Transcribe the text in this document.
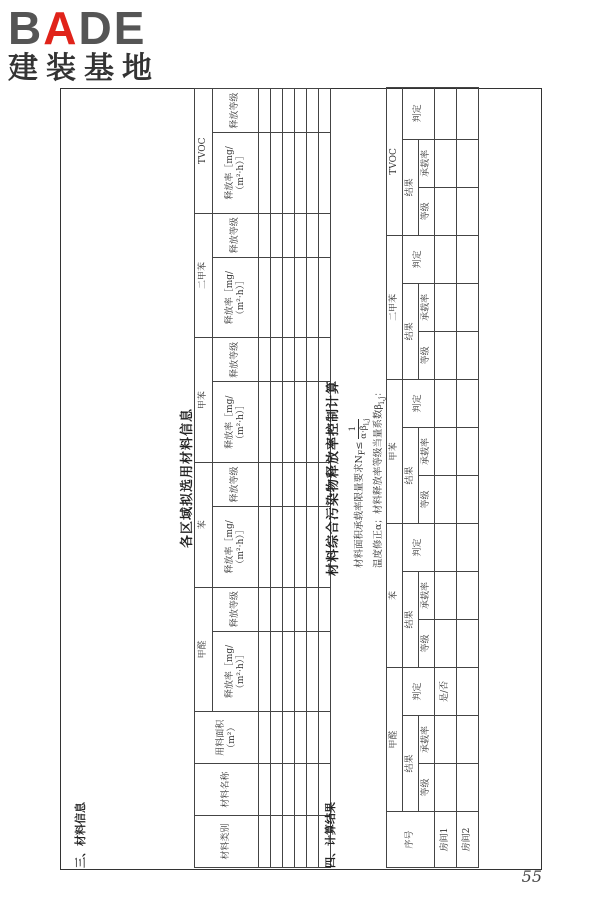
BADE
建装基地
三、材料信息
各区域拟选用材料信息
材料类别	材料名称	用料面积（m²）	甲醛		苯		甲苯		二甲苯		TVOC	
			释放率［mg/（m²·h）］	释放等级	释放率［mg/（m²·h）］	释放等级	释放率［mg/（m²·h）］	释放等级	释放率［mg/（m²·h）］	释放等级	释放率［mg/（m²·h）］	释放等级

四、计算结果
材料综合污染物释放率控制计算	材料面积承载率限量要求$N_F\le$
1 $\alpha\cdot\beta_{i,j}$ 温度修正α；材料释放率等级当量系数$\beta_{i,j}$：
序号	甲醛			苯			甲苯			二甲苯			TVOC		
	结果		判定	结果		判定	结果		判定	结果		判定	结果		判定
	等级	承载率		等级	承载率		等级	承载率		等级	承载率		等级	承载率	
房间1			是/否												
房间2															
55
